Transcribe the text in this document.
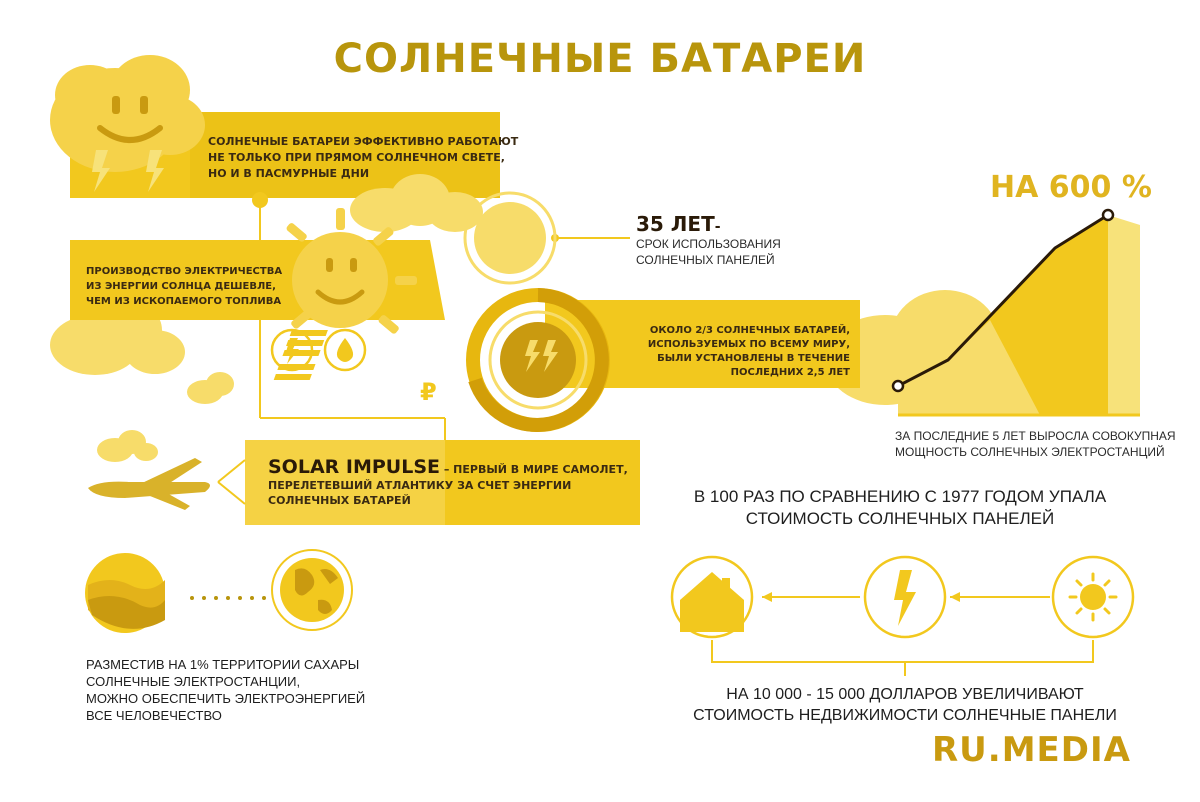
СОЛНЕЧНЫЕ БАТАРЕИ
СОЛНЕЧНЫЕ БАТАРЕИ ЭФФЕКТИВНО РАБОТАЮТ
НЕ ТОЛЬКО ПРИ ПРЯМОМ СОЛНЕЧНОМ СВЕТЕ,
НО И В ПАСМУРНЫЕ ДНИ
ПРОИЗВОДСТВО ЭЛЕКТРИЧЕСТВА
ИЗ ЭНЕРГИИ СОЛНЦА ДЕШЕВЛЕ,
ЧЕМ ИЗ ИСКОПАЕМОГО ТОПЛИВА
35 ЛЕТ-
СРОК ИСПОЛЬЗОВАНИЯ
СОЛНЕЧНЫХ ПАНЕЛЕЙ
₽
ОКОЛО 2/3 СОЛНЕЧНЫХ БАТАРЕЙ,
ИСПОЛЬЗУЕМЫХ ПО ВСЕМУ МИРУ,
БЫЛИ УСТАНОВЛЕНЫ В ТЕЧЕНИЕ
ПОСЛЕДНИХ 2,5 ЛЕТ
НА 600 %
ЗА ПОСЛЕДНИЕ 5 ЛЕТ ВЫРОСЛА СОВОКУПНАЯ
МОЩНОСТЬ СОЛНЕЧНЫХ ЭЛЕКТРОСТАНЦИЙ
SOLAR IMPULSE – ПЕРВЫЙ В МИРЕ САМОЛЕТ,
ПЕРЕЛЕТЕВШИЙ АТЛАНТИКУ ЗА СЧЕТ ЭНЕРГИИ
СОЛНЕЧНЫХ БАТАРЕЙ	В 100 РАЗ ПО СРАВНЕНИЮ С 1977 ГОДОМ УПАЛА
СТОИМОСТЬ СОЛНЕЧНЫХ ПАНЕЛЕЙ
РАЗМЕСТИВ НА 1% ТЕРРИТОРИИ САХАРЫ
СОЛНЕЧНЫЕ ЭЛЕКТРОСТАНЦИИ,
МОЖНО ОБЕСПЕЧИТЬ ЭЛЕКТРОЭНЕРГИЕЙ
ВСЕ ЧЕЛОВЕЧЕСТВО
НА 10 000 - 15 000 ДОЛЛАРОВ УВЕЛИЧИВАЮТ
СТОИМОСТЬ НЕДВИЖИМОСТИ СОЛНЕЧНЫЕ ПАНЕЛИ
RU.MEDIA
